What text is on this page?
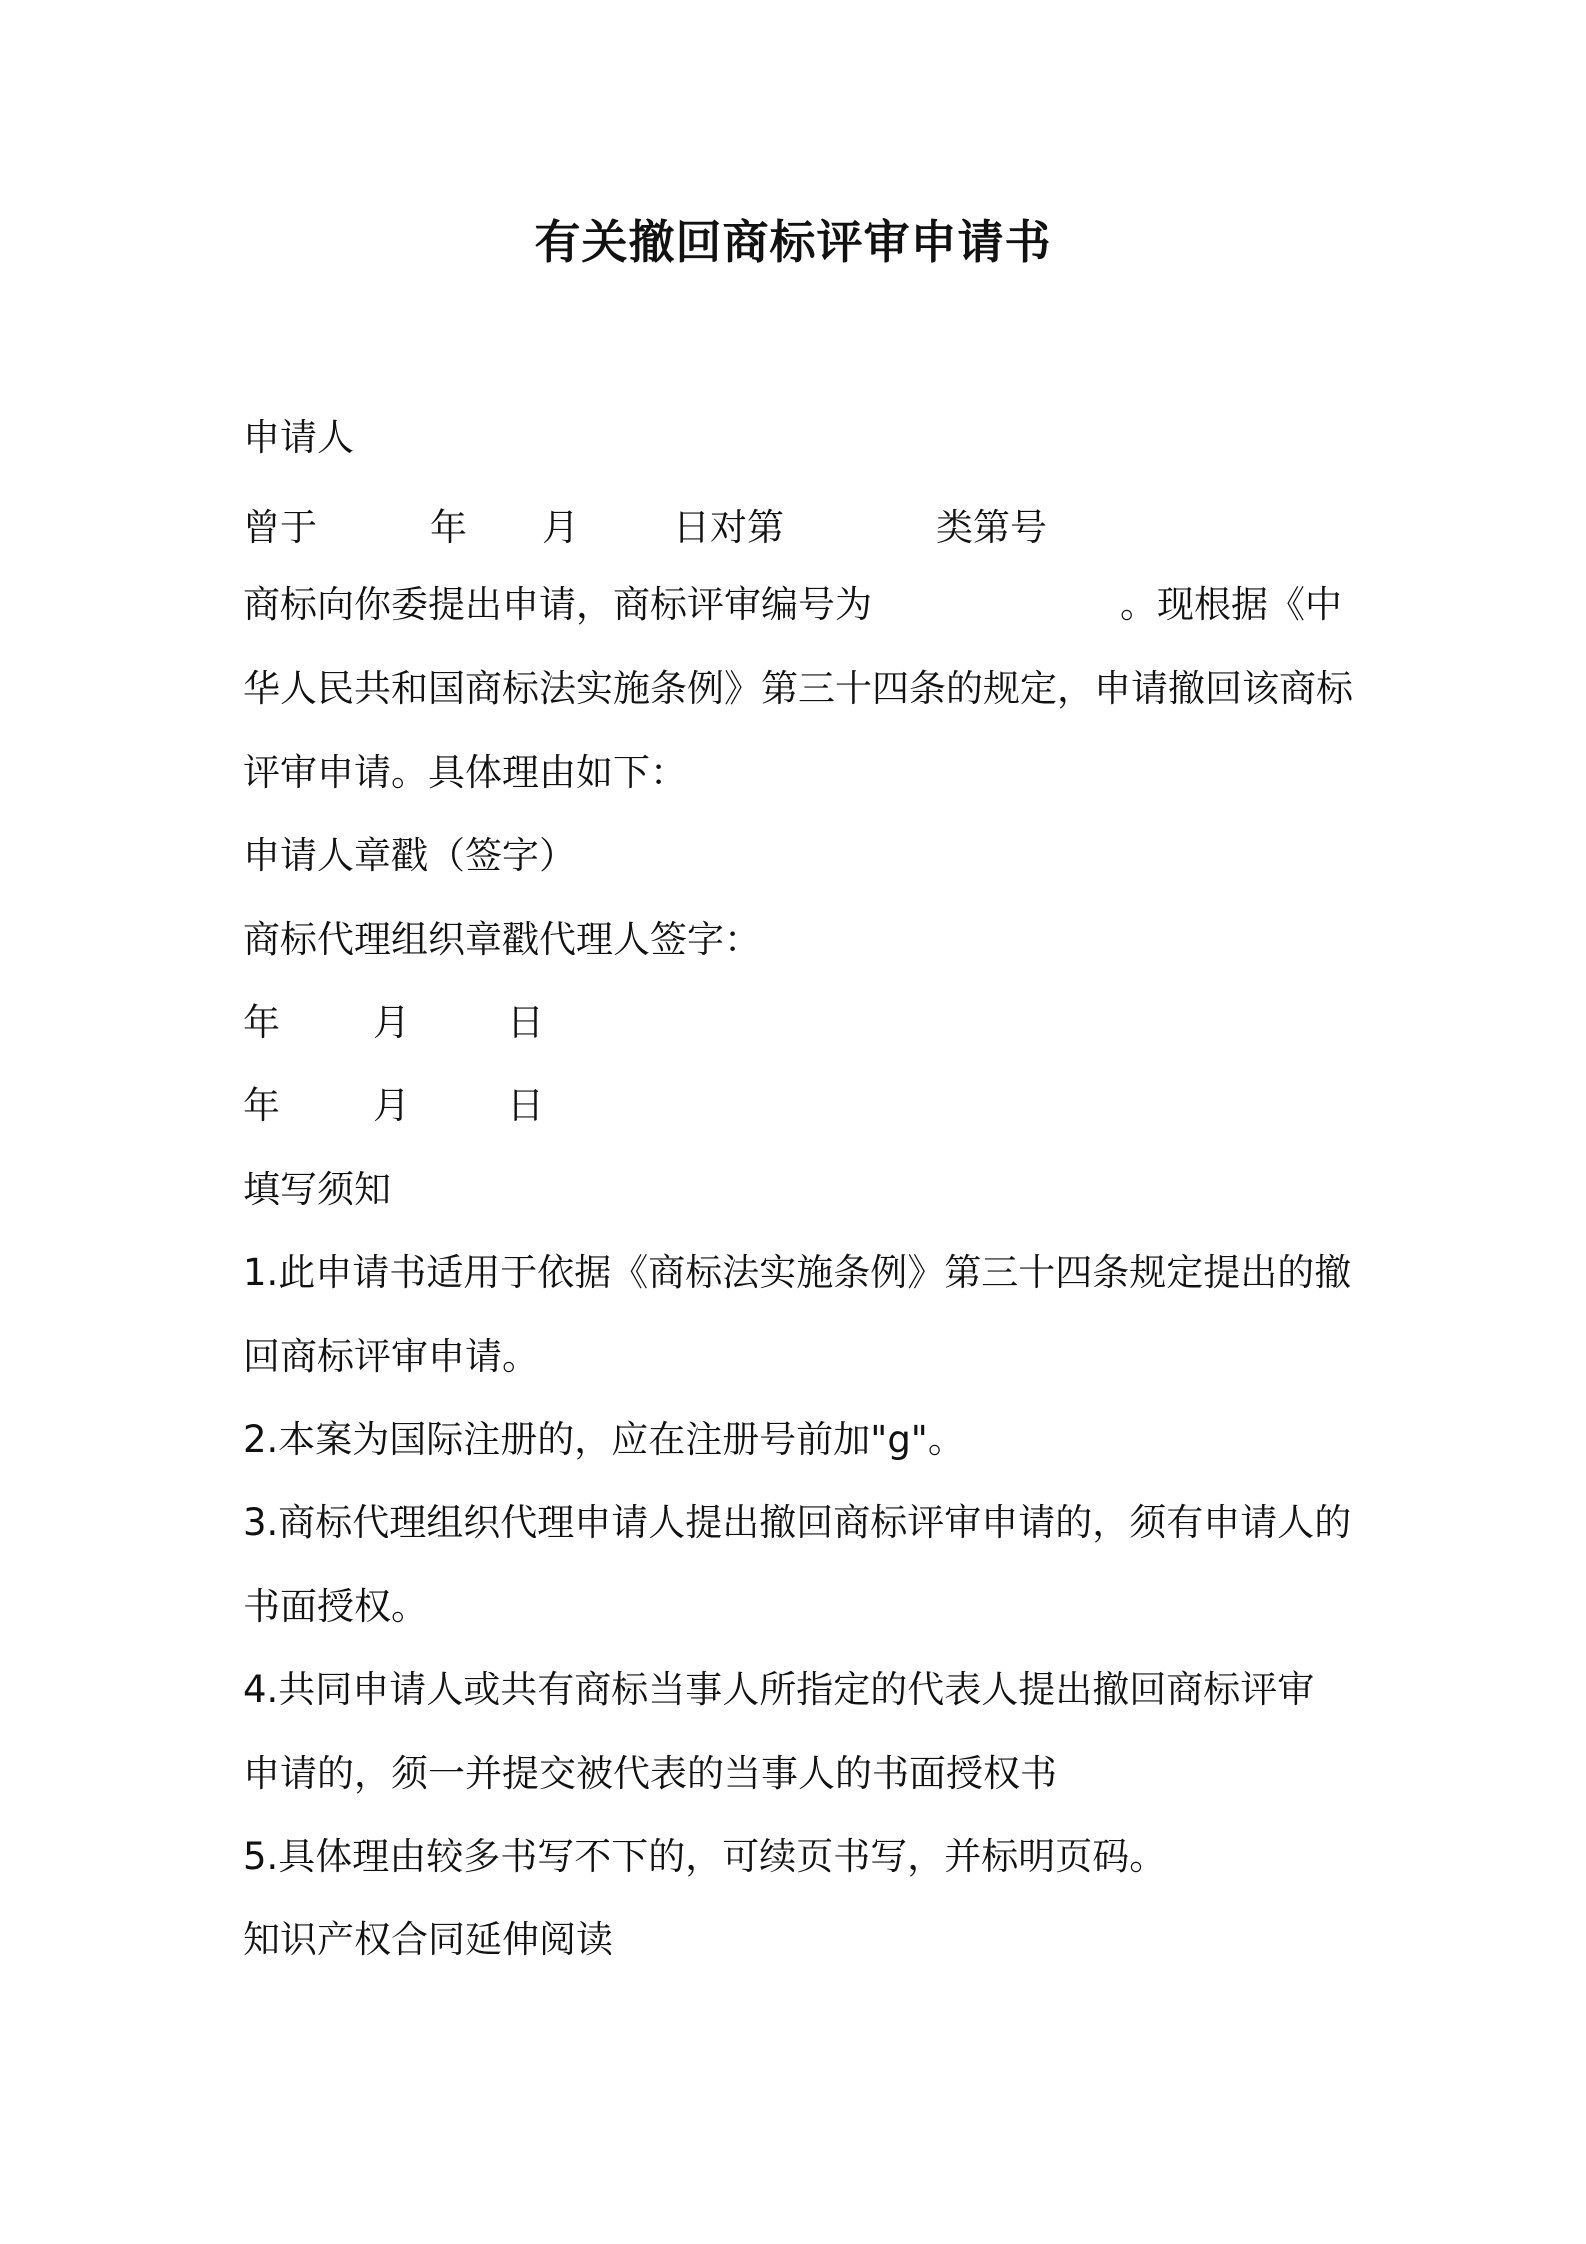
有关撤回商标评审申请书
申请人
曾于	年 月	日对第	类第号
商标向你委提出申请，商标评审编号为	。现根据《中
华人民共和国商标法实施条例》第三十四条的规定，申请撤回该商标
评审申请。具体理由如下：
申请人章戳（签字）
商标代理组织章戳代理人签字：
年	月	日
年	月	日
填写须知
1.此申请书适用于依据《商标法实施条例》第三十四条规定提出的撤
回商标评审申请。
2.本案为国际注册的，应在注册号前加"g"。
3.商标代理组织代理申请人提出撤回商标评审申请的，须有申请人的
书面授权。
4.共同申请人或共有商标当事人所指定的代表人提出撤回商标评审
申请的，须一并提交被代表的当事人的书面授权书
5.具体理由较多书写不下的，可续页书写，并标明页码。
知识产权合同延伸阅读
